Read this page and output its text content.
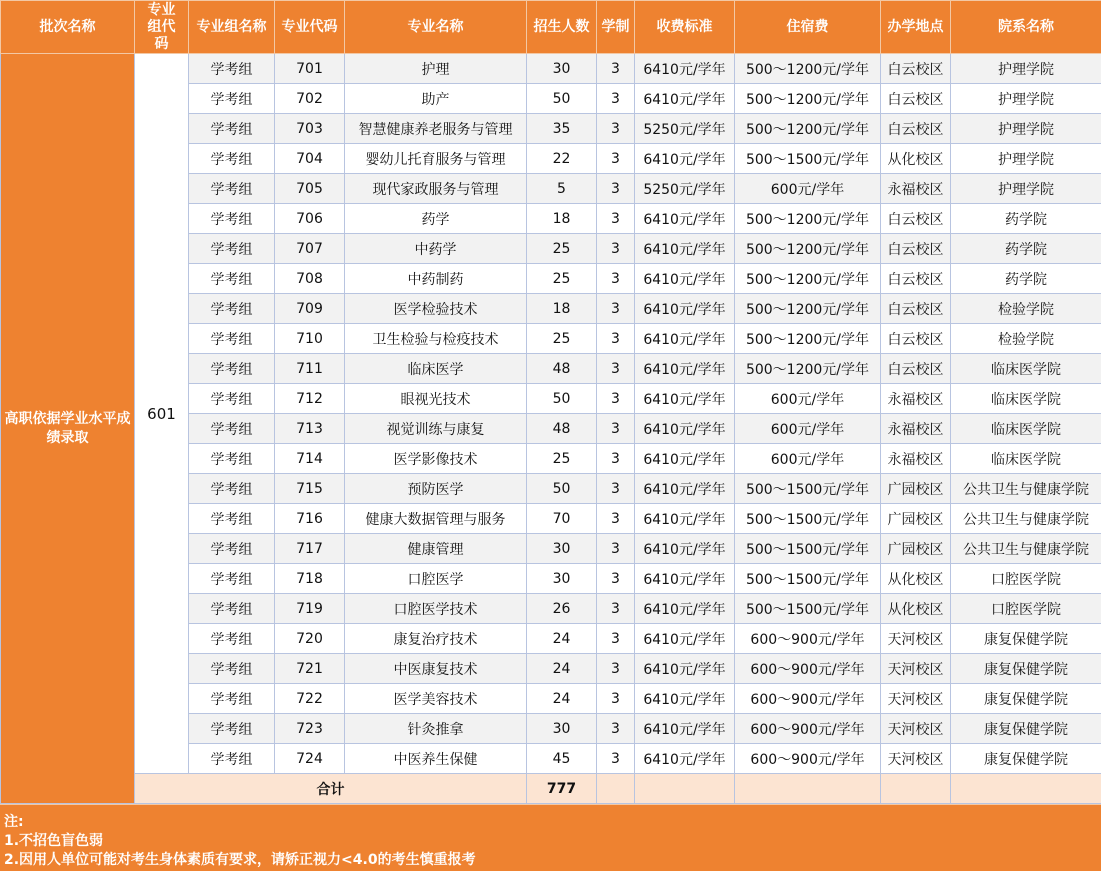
批次名称	专业组代码	专业组名称	专业代码	专业名称	招生人数	学制	收费标准	住宿费	办学地点	院系名称
高职依据学业水平成绩录取	601	学考组	701	护理	30	3	6410元/学年	500～1200元/学年	白云校区	护理学院
		学考组	702	助产	50	3	6410元/学年	500～1200元/学年	白云校区	护理学院
		学考组	703	智慧健康养老服务与管理	35	3	5250元/学年	500～1200元/学年	白云校区	护理学院
		学考组	704	婴幼儿托育服务与管理	22	3	6410元/学年	500～1500元/学年	从化校区	护理学院
		学考组	705	现代家政服务与管理	5	3	5250元/学年	600元/学年	永福校区	护理学院
		学考组	706	药学	18	3	6410元/学年	500～1200元/学年	白云校区	药学院
		学考组	707	中药学	25	3	6410元/学年	500～1200元/学年	白云校区	药学院
		学考组	708	中药制药	25	3	6410元/学年	500～1200元/学年	白云校区	药学院
		学考组	709	医学检验技术	18	3	6410元/学年	500～1200元/学年	白云校区	检验学院
		学考组	710	卫生检验与检疫技术	25	3	6410元/学年	500～1200元/学年	白云校区	检验学院
		学考组	711	临床医学	48	3	6410元/学年	500～1200元/学年	白云校区	临床医学院
		学考组	712	眼视光技术	50	3	6410元/学年	600元/学年	永福校区	临床医学院
		学考组	713	视觉训练与康复	48	3	6410元/学年	600元/学年	永福校区	临床医学院
		学考组	714	医学影像技术	25	3	6410元/学年	600元/学年	永福校区	临床医学院
		学考组	715	预防医学	50	3	6410元/学年	500～1500元/学年	广园校区	公共卫生与健康学院
		学考组	716	健康大数据管理与服务	70	3	6410元/学年	500～1500元/学年	广园校区	公共卫生与健康学院
		学考组	717	健康管理	30	3	6410元/学年	500～1500元/学年	广园校区	公共卫生与健康学院
		学考组	718	口腔医学	30	3	6410元/学年	500～1500元/学年	从化校区	口腔医学院
		学考组	719	口腔医学技术	26	3	6410元/学年	500～1500元/学年	从化校区	口腔医学院
		学考组	720	康复治疗技术	24	3	6410元/学年	600～900元/学年	天河校区	康复保健学院
		学考组	721	中医康复技术	24	3	6410元/学年	600～900元/学年	天河校区	康复保健学院
		学考组	722	医学美容技术	24	3	6410元/学年	600～900元/学年	天河校区	康复保健学院
		学考组	723	针灸推拿	30	3	6410元/学年	600～900元/学年	天河校区	康复保健学院
		学考组	724	中医养生保健	45	3	6410元/学年	600～900元/学年	天河校区	康复保健学院
	合计				777					
注:
1.不招色盲色弱
2.因用人单位可能对考生身体素质有要求，请矫正视力<4.0的考生慎重报考
